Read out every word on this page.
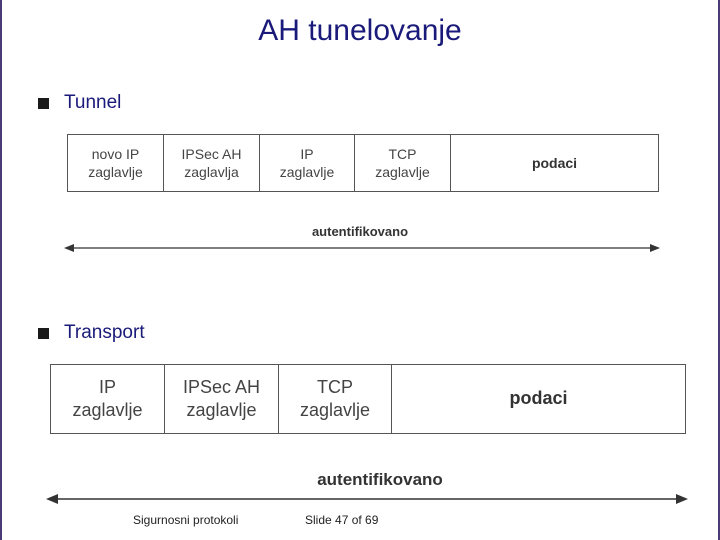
AH tunelovanje
Tunnel
novo IP
zaglavlje
IPSec AH
zaglavlja
IP
zaglavlje
TCP
zaglavlje
podaci
autentifikovano
Transport
IP
zaglavlje
IPSec AH
zaglavlje
TCP
zaglavlje
podaci
autentifikovano
Sigurnosni protokoli	Slide 47 of 69
